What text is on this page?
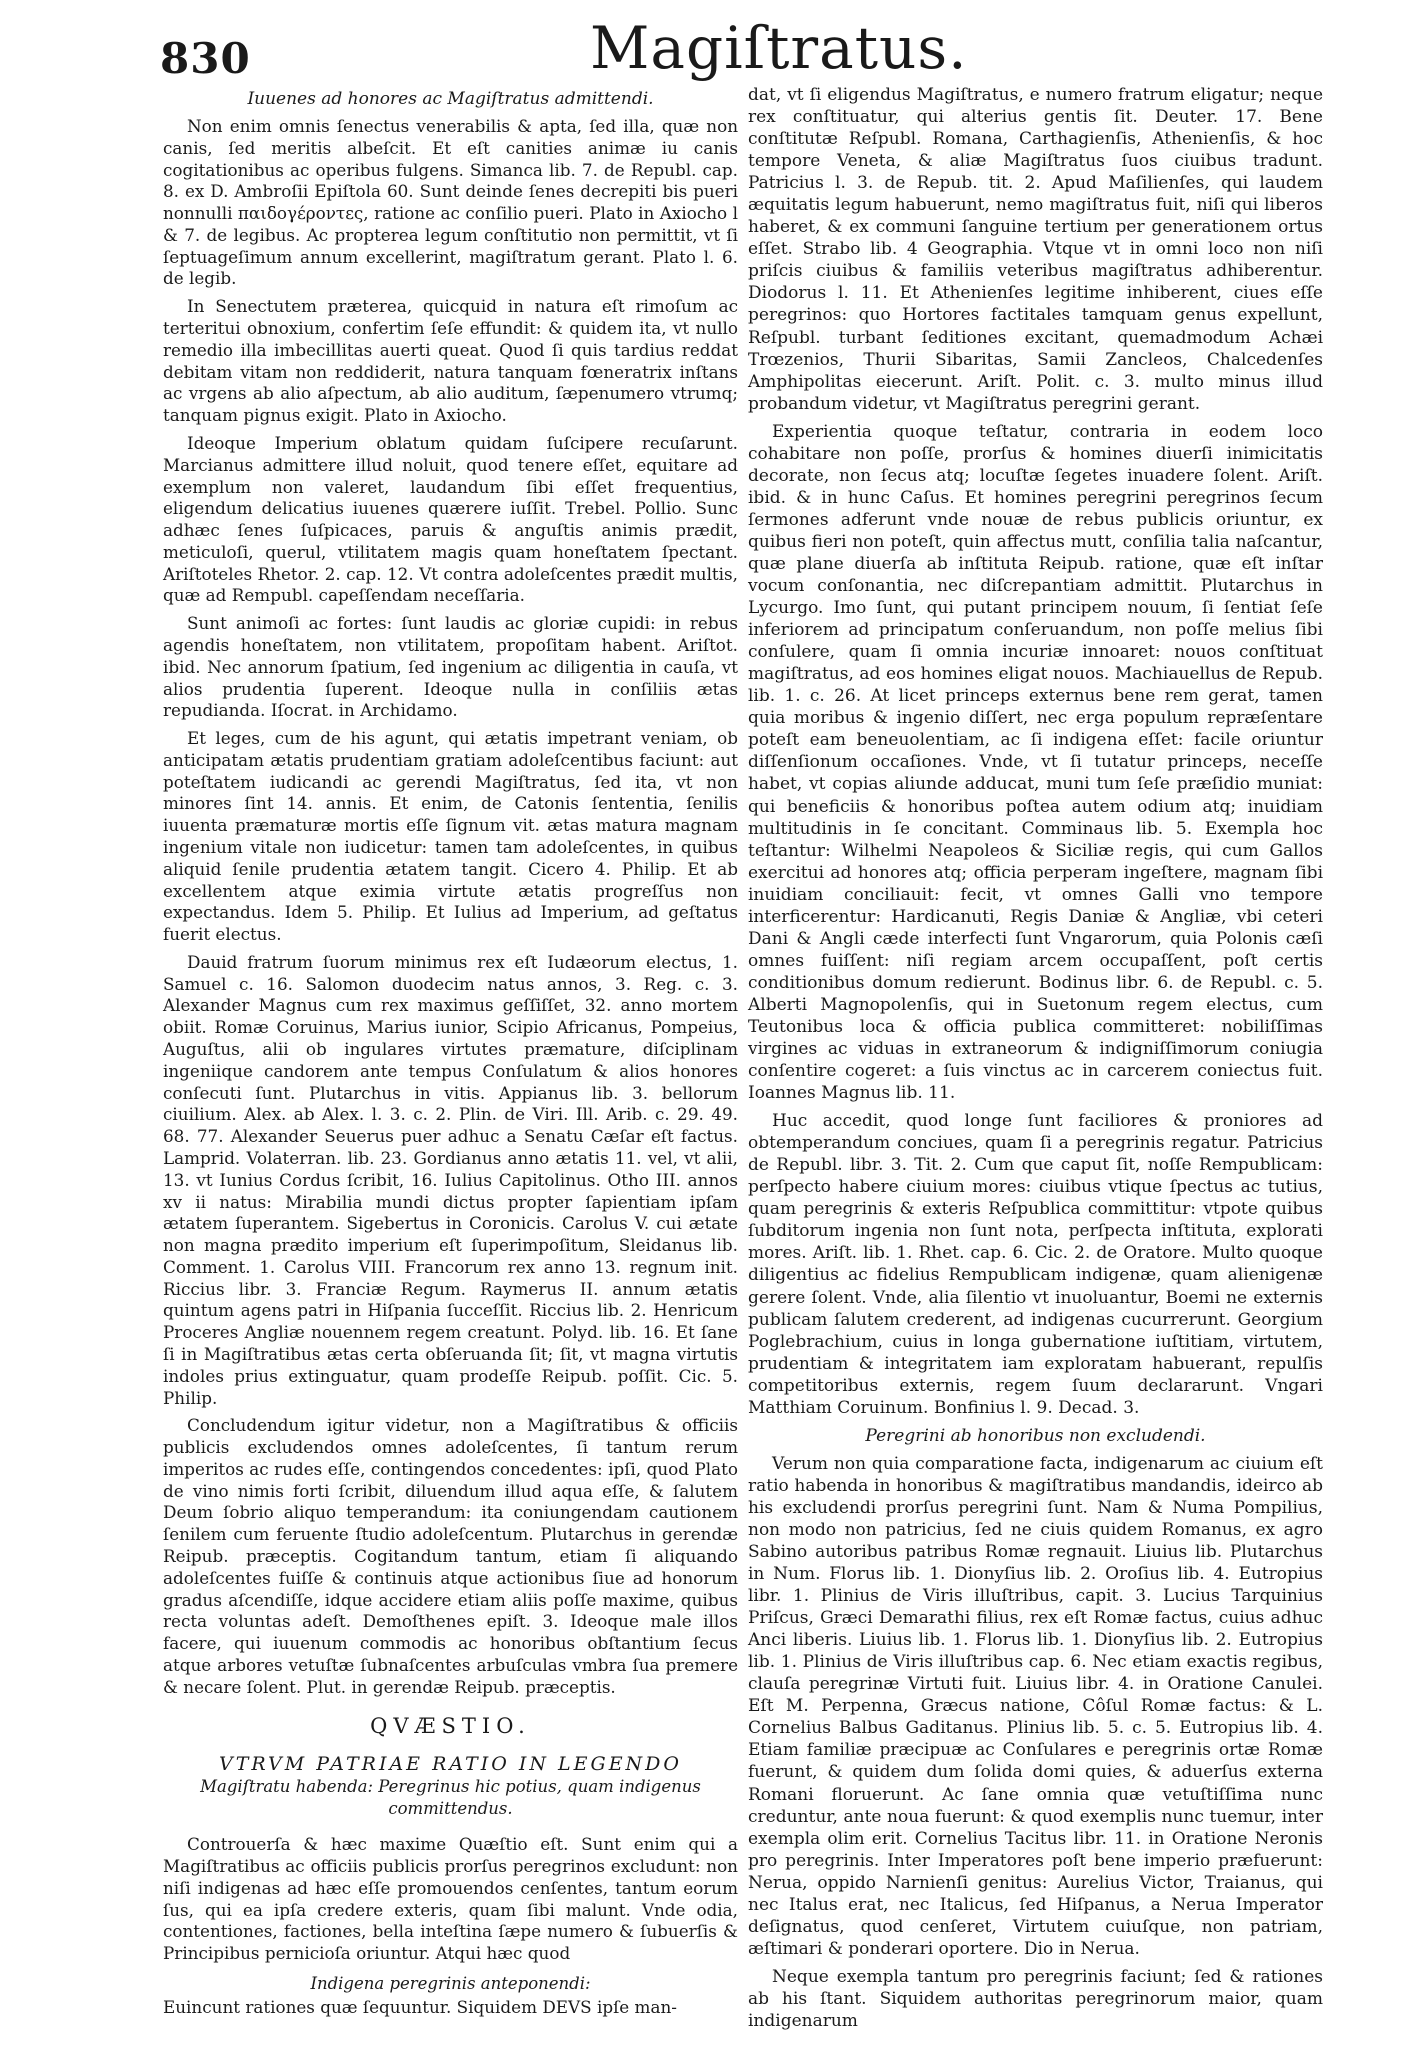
830	Magiſtratus.
Iuuenes ad honores ac Magiſtratus admittendi.

Non enim omnis ſenectus venerabilis & apta, ſed illa, quæ non canis, ſed meritis albeſcit. Et eſt canities animæ iu canis cogitationibus ac operibus fulgens. Simanca lib. 7. de Republ. cap. 8. ex D. Ambroſii Epiſtola 60. Sunt deinde ſenes decrepiti bis pueri nonnulli παιδογέροντες, ratione ac conſilio pueri. Plato in Axiocho l & 7. de legibus. Ac propterea legum conſtitutio non permittit, vt ſi ſeptuageſimum annum excellerint, magiſtratum gerant. Plato l. 6. de legib.

In Senectutem præterea, quicquid in natura eſt rimoſum ac terteritui obnoxium, confertim ſeſe effundit: & quidem ita, vt nullo remedio illa imbecillitas auerti queat. Quod ſi quis tardius reddat debitam vitam non reddiderit, natura tanquam fœneratrix inſtans ac vrgens ab alio aſpectum, ab alio auditum, ſæpenumero vtrumq; tanquam pignus exigit. Plato in Axiocho.

Ideoque Imperium oblatum quidam ſuſcipere recuſarunt. Marcianus admittere illud noluit, quod tenere eſſet, equitare ad exemplum non valeret, laudandum ſibi eſſet frequentius, eligendum delicatius iuuenes quærere iuſſit. Trebel. Pollio. Sunc adhæc ſenes ſuſpicaces, paruis & anguſtis animis prædit, meticuloſi, querul, vtilitatem magis quam honeſtatem ſpectant. Ariſtoteles Rhetor. 2. cap. 12. Vt contra adoleſcentes prædit multis, quæ ad Rempubl. capeſſendam neceſſaria.

Sunt animoſi ac fortes: ſunt laudis ac gloriæ cupidi: in rebus agendis honeſtatem, non vtilitatem, propoſitam habent. Ariſtot. ibid. Nec annorum ſpatium, ſed ingenium ac diligentia in cauſa, vt alios prudentia ſuperent. Ideoque nulla in conſiliis ætas repudianda. Iſocrat. in Archidamo.

Et leges, cum de his agunt, qui ætatis impetrant veniam, ob anticipatam ætatis prudentiam gratiam adoleſcentibus faciunt: aut poteſtatem iudicandi ac gerendi Magiſtratus, ſed ita, vt non minores ſint 14. annis. Et enim, de Catonis ſententia, ſenilis iuuenta præmaturæ mortis eſſe ſignum vit. ætas matura magnam ingenium vitale non iudicetur: tamen tam adoleſcentes, in quibus aliquid ſenile prudentia ætatem tangit. Cicero 4. Philip. Et ab excellentem atque eximia virtute ætatis progreſſus non expectandus. Idem 5. Philip. Et Iulius ad Imperium, ad geſtatus fuerit electus.

Dauid fratrum ſuorum minimus rex eſt Iudæorum electus, 1. Samuel c. 16. Salomon duodecim natus annos, 3. Reg. c. 3. Alexander Magnus cum rex maximus geſſiſſet, 32. anno mortem obiit. Romæ Coruinus, Marius iunior, Scipio Africanus, Pompeius, Auguſtus, alii ob ingulares virtutes præmature, diſciplinam ingeniique candorem ante tempus Conſulatum & alios honores conſecuti ſunt. Plutarchus in vitis. Appianus lib. 3. bellorum ciuilium. Alex. ab Alex. l. 3. c. 2. Plin. de Viri. Ill. Arib. c. 29. 49. 68. 77. Alexander Seuerus puer adhuc a Senatu Cæſar eſt factus. Lamprid. Volaterran. lib. 23. Gordianus anno ætatis 11. vel, vt alii, 13. vt Iunius Cordus ſcribit, 16. Iulius Capitolinus. Otho III. annos xv ii natus: Mirabilia mundi dictus propter ſapientiam ipſam ætatem ſuperantem. Sigebertus in Coronicis. Carolus V. cui ætate non magna prædito imperium eſt ſuperimpoſitum, Sleidanus lib. Comment. 1. Carolus VIII. Francorum rex anno 13. regnum init. Riccius libr. 3. Franciæ Regum. Raymerus II. annum ætatis quintum agens patri in Hiſpania ſucceſſit. Riccius lib. 2. Henricum Proceres Angliæ nouennem regem creatunt. Polyd. lib. 16. Et ſane ſi in Magiſtratibus ætas certa obſeruanda ſit; ſit, vt magna virtutis indoles prius extinguatur, quam prodeſſe Reipub. poſſit. Cic. 5. Philip.

Concludendum igitur videtur, non a Magiſtratibus & officiis publicis excludendos omnes adoleſcentes, ſi tantum rerum imperitos ac rudes eſſe, contingendos concedentes: ipſi, quod Plato de vino nimis forti ſcribit, diluendum illud aqua eſſe, & ſalutem Deum ſobrio aliquo temperandum: ita coniungendam cautionem ſenilem cum feruente ſtudio adoleſcentum. Plutarchus in gerendæ Reipub. præceptis. Cogitandum tantum, etiam ſi aliquando adoleſcentes fuiſſe & continuis atque actionibus ſiue ad honorum gradus aſcendiſſe, idque accidere etiam aliis poſſe maxime, quibus recta voluntas adeſt. Demoſthenes epiſt. 3. Ideoque male illos facere, qui iuuenum commodis ac honoribus obſtantium ſecus atque arbores vetuſtæ ſubnaſcentes arbuſculas vmbra ſua premere & necare ſolent. Plut. in gerendæ Reipub. præceptis.

QVÆSTIO.
VTRVM PATRIAE RATIO IN LEGENDO
Magiſtratu habenda: Peregrinus hic potius, quam indigenus committendus.

Controuerſa & hæc maxime Quæſtio eſt. Sunt enim qui a Magiſtratibus ac officiis publicis prorſus peregrinos excludunt: non niſi indigenas ad hæc eſſe promouendos cenſentes, tantum eorum ſus, qui ea ipſa credere exteris, quam ſibi malunt. Vnde odia, contentiones, factiones, bella inteſtina ſæpe numero & ſubuerſis & Principibus pernicioſa oriuntur. Atqui hæc quod

Indigena peregrinis anteponendi:

Euincunt rationes quæ ſequuntur. Siquidem DEVS ipſe man-

dat, vt ſi eligendus Magiſtratus, e numero fratrum eligatur; neque rex conſtituatur, qui alterius gentis ſit. Deuter. 17. Bene conſtitutæ Reſpubl. Romana, Carthagienſis, Athenienſis, & hoc tempore Veneta, & aliæ Magiſtratus ſuos ciuibus tradunt. Patricius l. 3. de Repub. tit. 2. Apud Maſilienſes, qui laudem æquitatis legum habuerunt, nemo magiſtratus fuit, niſi qui liberos haberet, & ex communi ſanguine tertium per generationem ortus eſſet. Strabo lib. 4 Geographia. Vtque vt in omni loco non niſi priſcis ciuibus & familiis veteribus magiſtratus adhiberentur. Diodorus l. 11. Et Athenienſes legitime inhiberent, ciues eſſe peregrinos: quo Hortores factitales tamquam genus expellunt, Reſpubl. turbant ſeditiones excitant, quemadmodum Achæi Trœzenios, Thurii Sibaritas, Samii Zancleos, Chalcedenſes Amphipolitas eiecerunt. Ariſt. Polit. c. 3. multo minus illud probandum videtur, vt Magiſtratus peregrini gerant.

Experientia quoque teſtatur, contraria in eodem loco cohabitare non poſſe, prorſus & homines diuerſi inimicitatis decorate, non ſecus atq; locuſtæ ſegetes inuadere ſolent. Ariſt. ibid. & in hunc Caſus. Et homines peregrini peregrinos ſecum ſermones adferunt vnde nouæ de rebus publicis oriuntur, ex quibus fieri non poteſt, quin affectus mutt, conſilia talia naſcantur, quæ plane diuerſa ab inſtituta Reipub. ratione, quæ eſt inſtar vocum conſonantia, nec diſcrepantiam admittit. Plutarchus in Lycurgo. Imo ſunt, qui putant principem nouum, ſi ſentiat ſeſe inferiorem ad principatum conſeruandum, non poſſe melius ſibi conſulere, quam ſi omnia incuriæ innoaret: nouos conſtituat magiſtratus, ad eos homines eligat nouos. Machiauellus de Repub. lib. 1. c. 26. At licet princeps externus bene rem gerat, tamen quia moribus & ingenio diſſert, nec erga populum repræſentare poteſt eam beneuolentiam, ac ſi indigena eſſet: facile oriuntur diſſenſionum occaſiones. Vnde, vt ſi tutatur princeps, neceſſe habet, vt copias aliunde adducat, muni tum ſeſe præſidio muniat: qui beneficiis & honoribus poſtea autem odium atq; inuidiam multitudinis in ſe concitant. Comminaus lib. 5. Exempla hoc teſtantur: Wilhelmi Neapoleos & Siciliæ regis, qui cum Gallos exercitui ad honores atq; officia perperam ingeſtere, magnam ſibi inuidiam conciliauit: fecit, vt omnes Galli vno tempore interficerentur: Hardicanuti, Regis Daniæ & Angliæ, vbi ceteri Dani & Angli cæde interfecti ſunt Vngarorum, quia Polonis cæſi omnes fuiſſent: niſi regiam arcem occupaſſent, poſt certis conditionibus domum redierunt. Bodinus libr. 6. de Republ. c. 5. Alberti Magnopolenſis, qui in Suetonum regem electus, cum Teutonibus loca & officia publica committeret: nobiliſſimas virgines ac viduas in extraneorum & indigniſſimorum coniugia conſentire cogeret: a ſuis vinctus ac in carcerem coniectus fuit. Ioannes Magnus lib. 11.

Huc accedit, quod longe ſunt faciliores & proniores ad obtemperandum conciues, quam ſi a peregrinis regatur. Patricius de Republ. libr. 3. Tit. 2. Cum que caput ſit, noſſe Rempublicam: perſpecto habere ciuium mores: ciuibus vtique ſpectus ac tutius, quam peregrinis & exteris Reſpublica committitur: vtpote quibus ſubditorum ingenia non ſunt nota, perſpecta inſtituta, explorati mores. Ariſt. lib. 1. Rhet. cap. 6. Cic. 2. de Oratore. Multo quoque diligentius ac fidelius Rempublicam indigenæ, quam alienigenæ gerere ſolent. Vnde, alia ſilentio vt inuoluantur, Boemi ne externis publicam ſalutem crederent, ad indigenas cucurrerunt. Georgium Poglebrachium, cuius in longa gubernatione iuſtitiam, virtutem, prudentiam & integritatem iam exploratam habuerant, repulſis competitoribus externis, regem ſuum declararunt. Vngari Matthiam Coruinum. Bonfinius l. 9. Decad. 3.

Peregrini ab honoribus non excludendi.

Verum non quia comparatione facta, indigenarum ac ciuium eſt ratio habenda in honoribus & magiſtratibus mandandis, ideirco ab his excludendi prorſus peregrini ſunt. Nam & Numa Pompilius, non modo non patricius, ſed ne ciuis quidem Romanus, ex agro Sabino autoribus patribus Romæ regnauit. Liuius lib. Plutarchus in Num. Florus lib. 1. Dionyſius lib. 2. Oroſius lib. 4. Eutropius libr. 1. Plinius de Viris illuſtribus, capit. 3. Lucius Tarquinius Priſcus, Græci Demarathi filius, rex eſt Romæ factus, cuius adhuc Anci liberis. Liuius lib. 1. Florus lib. 1. Dionyſius lib. 2. Eutropius lib. 1. Plinius de Viris illuſtribus cap. 6. Nec etiam exactis regibus, clauſa peregrinæ Virtuti fuit. Liuius libr. 4. in Oratione Canulei. Eſt M. Perpenna, Græcus natione, Côſul Romæ factus: & L. Cornelius Balbus Gaditanus. Plinius lib. 5. c. 5. Eutropius lib. 4. Etiam familiæ præcipuæ ac Conſulares e peregrinis ortæ Romæ fuerunt, & quidem dum ſolida domi quies, & aduerſus externa Romani floruerunt. Ac ſane omnia quæ vetuſtiſſima nunc creduntur, ante noua fuerunt: & quod exemplis nunc tuemur, inter exempla olim erit. Cornelius Tacitus libr. 11. in Oratione Neronis pro peregrinis. Inter Imperatores poſt bene imperio præfuerunt: Nerua, oppido Narnienſi genitus: Aurelius Victor, Traianus, qui nec Italus erat, nec Italicus, ſed Hiſpanus, a Nerua Imperator deſignatus, quod cenſeret, Virtutem cuiuſque, non patriam, æſtimari & ponderari oportere. Dio in Nerua.

Neque exempla tantum pro peregrinis faciunt; ſed & rationes ab his ſtant. Siquidem authoritas peregrinorum maior, quam indigenarum
